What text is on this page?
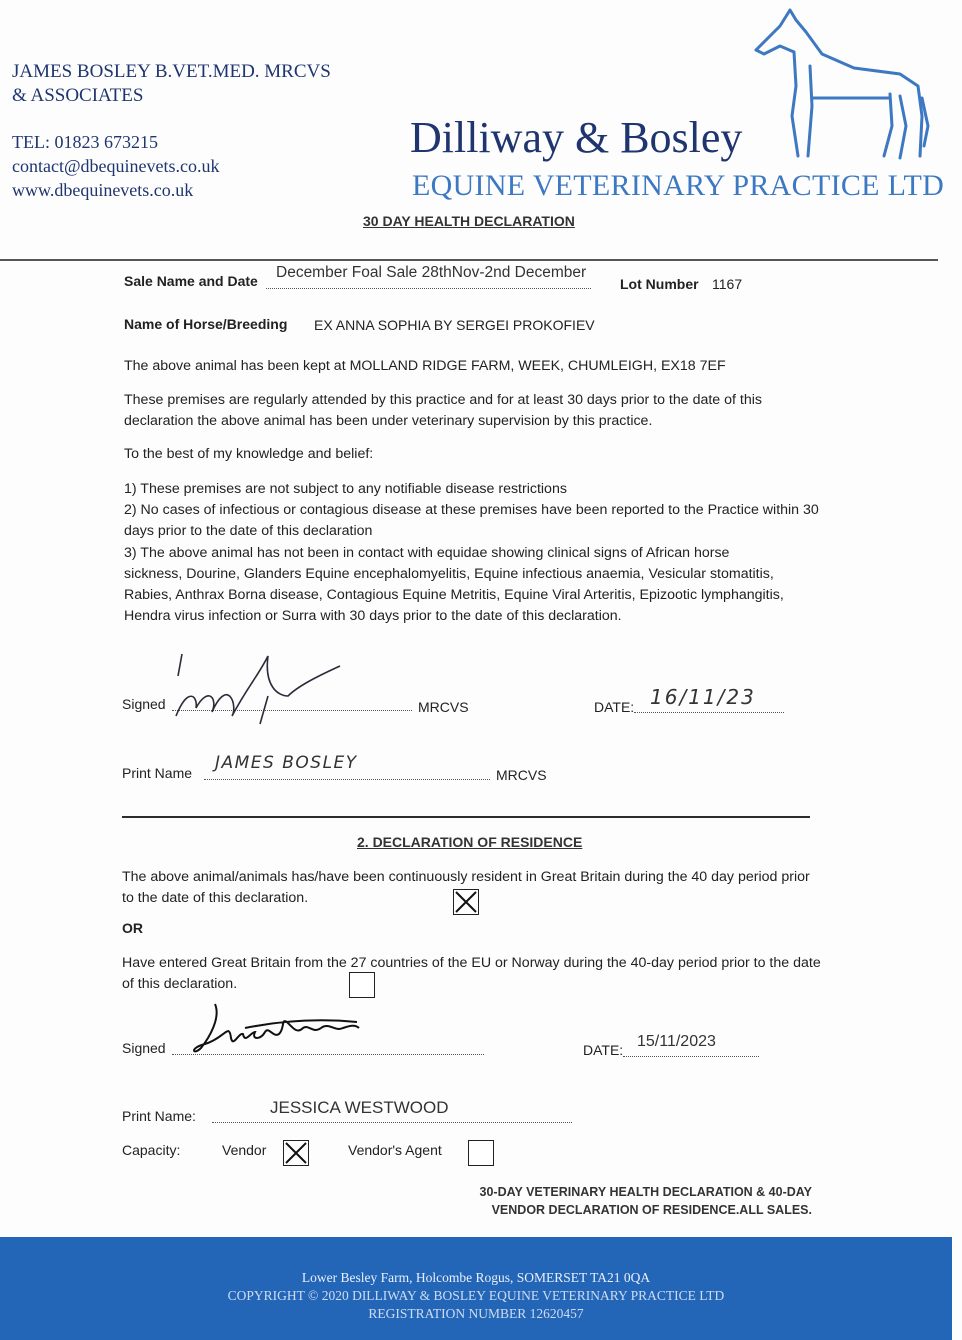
JAMES BOSLEY B.VET.MED. MRCVS
& ASSOCIATES
TEL: 01823 673215
contact@dbequinevets.co.uk
www.dbequinevets.co.uk
Dilliway & Bosley
EQUINE VETERINARY PRACTICE LTD
30 DAY HEALTH DECLARATION
Sale Name and Date December Foal Sale 28thNov-2nd December
Lot Number 1167
Name of Horse/Breeding EX ANNA SOPHIA BY SERGEI PROKOFIEV
The above animal has been kept at MOLLAND RIDGE FARM, WEEK, CHUMLEIGH, EX18 7EF
These premises are regularly attended by this practice and for at least 30 days prior to the date of this declaration the above animal has been under veterinary supervision by this practice.
To the best of my knowledge and belief:
1) These premises are not subject to any notifiable disease restrictions
2) No cases of infectious or contagious disease at these premises have been reported to the Practice within 30 days prior to the date of this declaration
3) The above animal has not been in contact with equidae showing clinical signs of African horse sickness, Dourine, Glanders Equine encephalomyelitis, Equine infectious anaemia, Vesicular stomatitis, Rabies, Anthrax Borna disease, Contagious Equine Metritis, Equine Viral Arteritis, Epizootic lymphangitis, Hendra virus infection or Surra with 30 days prior to the date of this declaration.
Signed	MRCVS	DATE: 16/11/23
Print Name JAMES BOSLEY
MRCVS
2. DECLARATION OF RESIDENCE
The above animal/animals has/have been continuously resident in Great Britain during the 40 day period prior to the date of this declaration.
OR
Have entered Great Britain from the 27 countries of the EU or Norway during the 40-day period prior to the date of this declaration.
Signed	DATE: 15/11/2023
Print Name:	JESSICA WESTWOOD
Capacity:	Vendor	Vendor's Agent
30-DAY VETERINARY HEALTH DECLARATION & 40-DAY
VENDOR DECLARATION OF RESIDENCE.ALL SALES.
Lower Besley Farm, Holcombe Rogus, SOMERSET TA21 0QA
COPYRIGHT © 2020 DILLIWAY & BOSLEY EQUINE VETERINARY PRACTICE LTD
REGISTRATION NUMBER 12620457
